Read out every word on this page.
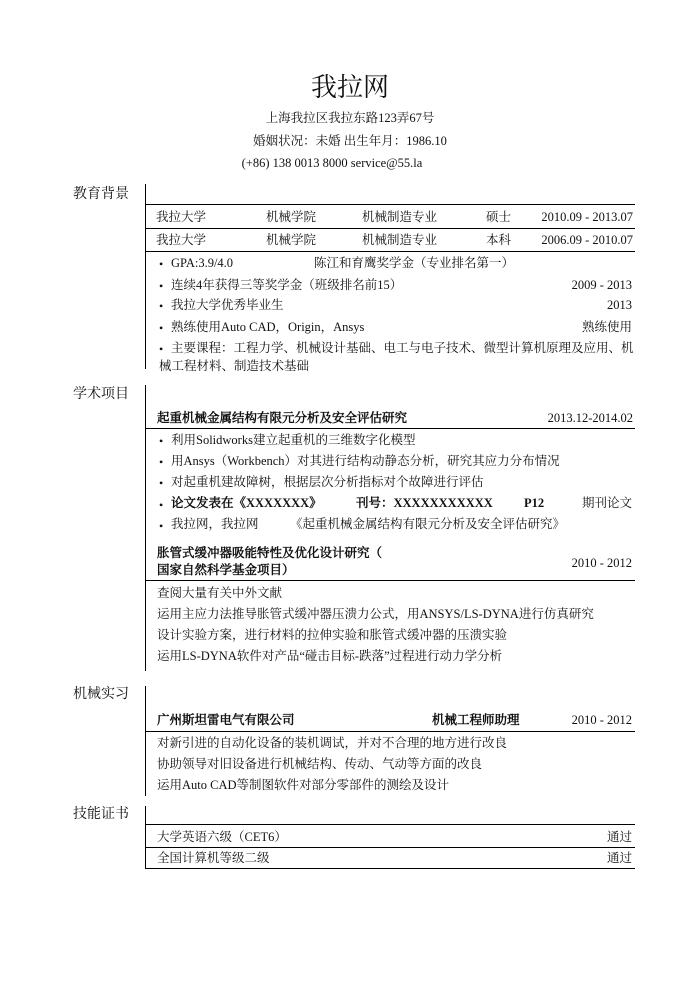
我拉网
上海我拉区我拉东路123弄67号
婚姻状况：未婚 出生年月：1986.10
(+86) 138 0013 8000 service@55.la
教育背景
学术项目
机械实习
技能证书
我拉大学	机械学院	机械制造专业	硕士 2010.09 - 2013.07
我拉大学	机械学院	机械制造专业	本科 2006.09 - 2010.07
• GPA:3.9/4.0	陈江和育鹰奖学金（专业排名第一）
• 连续4年获得三等奖学金（班级排名前15）	2009 - 2013
• 我拉大学优秀毕业生	2013
• 熟练使用Auto CAD，Origin，Ansys	熟练使用
• 主要课程：工程力学、机械设计基础、电工与电子技术、微型计算机原理及应用、机
械工程材料、制造技术基础
起重机械金属结构有限元分析及安全评估研究	2013.12-2014.02
• 利用Solidworks建立起重机的三维数字化模型
• 用Ansys（Workbench）对其进行结构动静态分析，研究其应力分布情况
• 对起重机建故障树，根据层次分析指标对个故障进行评估
• 论文发表在《XXXXXXX》	刊号：XXXXXXXXXXX P12	期刊论文
• 我拉网，我拉网	《起重机械金属结构有限元分析及安全评估研究》
胀管式缓冲器吸能特性及优化设计研究（
国家自然科学基金项目）	2010 - 2012
查阅大量有关中外文献
运用主应力法推导胀管式缓冲器压溃力公式，用ANSYS/LS-DYNA进行仿真研究
设计实验方案，进行材料的拉伸实验和胀管式缓冲器的压溃实验
运用LS-DYNA软件对产品“碰击目标-跌落”过程进行动力学分析
广州斯坦雷电气有限公司	机械工程师助理	2010 - 2012
对新引进的自动化设备的装机调试，并对不合理的地方进行改良
协助领导对旧设备进行机械结构、传动、气动等方面的改良
运用Auto CAD等制图软件对部分零部件的测绘及设计
大学英语六级（CET6）	通过
全国计算机等级二级	通过
